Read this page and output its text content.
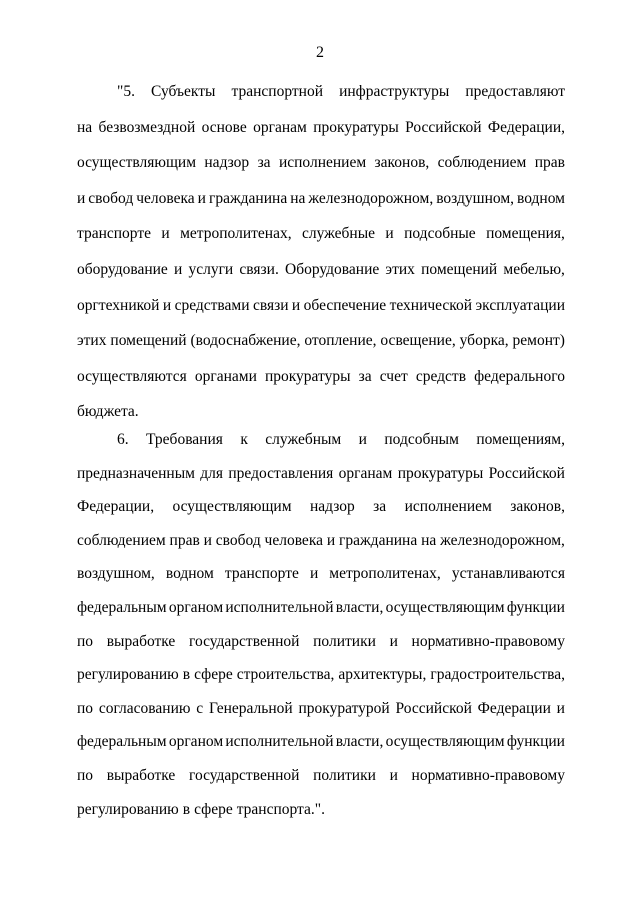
2
"5. Субъекты транспортной инфраструктуры предоставляют
на безвозмездной основе органам прокуратуры Российской Федерации,
осуществляющим надзор за исполнением законов, соблюдением прав
и свобод человека и гражданина на железнодорожном, воздушном, водном
транспорте и метрополитенах, служебные и подсобные помещения,
оборудование и услуги связи. Оборудование этих помещений мебелью,
оргтехникой и средствами связи и обеспечение технической эксплуатации
этих помещений (водоснабжение, отопление, освещение, уборка, ремонт)
осуществляются органами прокуратуры за счет средств федерального
бюджета.
6. Требования к служебным и подсобным помещениям,
предназначенным для предоставления органам прокуратуры Российской
Федерации, осуществляющим надзор за исполнением законов,
соблюдением прав и свобод человека и гражданина на железнодорожном,
воздушном, водном транспорте и метрополитенах, устанавливаются
федеральным органом исполнительной власти, осуществляющим функции
по выработке государственной политики и нормативно-правовому
регулированию в сфере строительства, архитектуры, градостроительства,
по согласованию с Генеральной прокуратурой Российской Федерации и
федеральным органом исполнительной власти, осуществляющим функции
по выработке государственной политики и нормативно-правовому
регулированию в сфере транспорта.".
